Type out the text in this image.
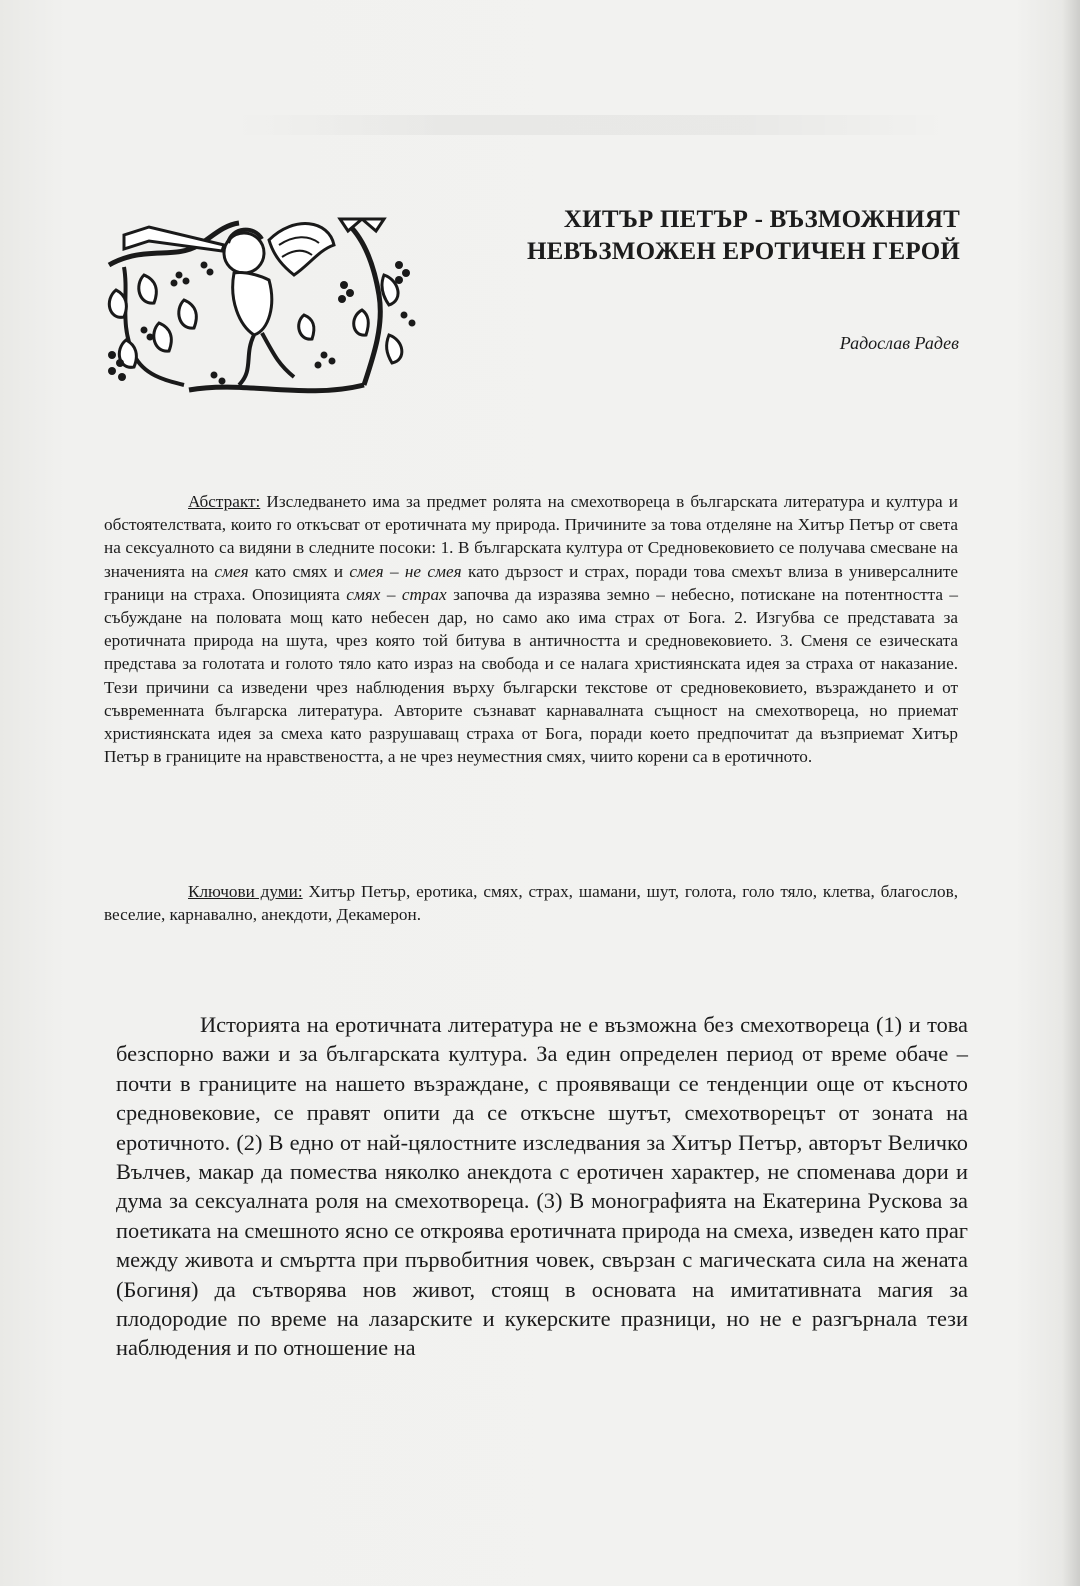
ХИТЪР ПЕТЪР - ВЪЗМОЖНИЯТ
НЕВЪЗМОЖЕН ЕРОТИЧЕН ГЕРОЙ
Радослав Радев

Абстракт: Изследването има за предмет ролята на смехотвореца в българската литература и култура и обстоятелствата, които го откъсват от еротичната му природа. Причините за това отделяне на Хитър Петър от света на сексуалното са видяни в следните посоки: 1. В българската култура от Средновековието се получава смесване на значенията на смея като смях и смея – не смея като дързост и страх, поради това смехът влиза в универсалните граници на страха. Опозицията смях – страх започва да изразява земно – небесно, потискане на потентността – събуждане на половата мощ като небесен дар, но само ако има страх от Бога. 2. Изгубва се представата за еротичната природа на шута, чрез която той битува в античността и средновековието. 3. Сменя се езическата представа за голотата и голото тяло като израз на свобода и се налага християнската идея за страха от наказание. Тези причини са изведени чрез наблюдения върху български текстове от средновековието, възраждането и от съвременната българска литература. Авторите съзнават карнавалната същност на смехотвореца, но приемат християнската идея за смеха като разрушаващ страха от Бога, поради което предпочитат да възприемат Хитър Петър в границите на нравствеността, а не чрез неуместния смях, чиито корени са в еротичното.

Ключови думи: Хитър Петър, еротика, смях, страх, шамани, шут, голота, голо тяло, клетва, благослов, веселие, карнавално, анекдоти, Декамерон.

Историята на еротичната литература не е възможна без смехотвореца (1) и това безспорно важи и за българската култура. За един определен период от време обаче – почти в границите на нашето възраждане, с проявяващи се тенденции още от късното средновековие, се правят опити да се откъсне шутът, смехотворецът от зоната на еротичното. (2) В едно от най-цялостните изследвания за Хитър Петър, авторът Величко Вълчев, макар да помества няколко анекдота с еротичен характер, не споменава дори и дума за сексуалната роля на смехотвореца. (3) В монографията на Екатерина Рускова за поетиката на смешното ясно се откроява еротичната природа на смеха, изведен като праг между живота и смъртта при първобитния човек, свързан с магическата сила на жената (Богиня) да сътворява нов живот, стоящ в основата на имитативната магия за плодородие по време на лазарските и кукерските празници, но не е разгърнала тези наблюдения и по отношение на
